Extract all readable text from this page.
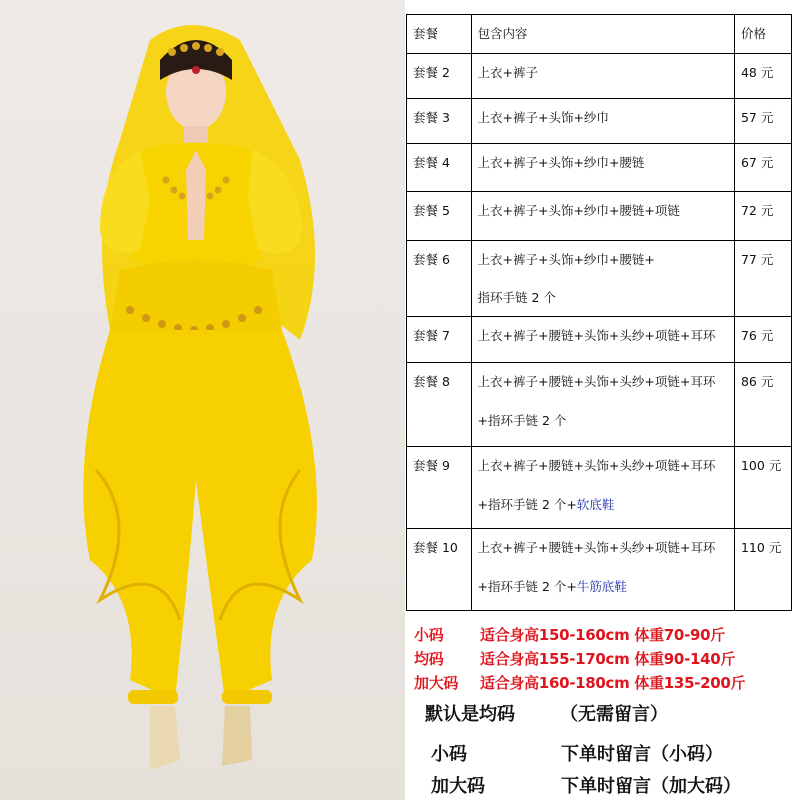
套餐	包含内容	价格
套餐 2	上衣+裤子	48 元
套餐 3	上衣+裤子+头饰+纱巾	57 元
套餐 4	上衣+裤子+头饰+纱巾+腰链	67 元
套餐 5	上衣+裤子+头饰+纱巾+腰链+项链	72 元
套餐 6	上衣+裤子+头饰+纱巾+腰链+
指环手链 2 个	77 元
套餐 7	上衣+裤子+腰链+头饰+头纱+项链+耳环	76 元
套餐 8	上衣+裤子+腰链+头饰+头纱+项链+耳环
+指环手链 2 个	86 元
套餐 9	上衣+裤子+腰链+头饰+头纱+项链+耳环
+指环手链 2 个+软底鞋	100 元
套餐 10	上衣+裤子+腰链+头饰+头纱+项链+耳环
+指环手链 2 个+牛筋底鞋	110 元
小码 适合身高150-160cm 体重70-90斤
均码 适合身高155-170cm 体重90-140斤
加大码 适合身高160-180cm 体重135-200斤
默认是均码	（无需留言）
小码	下单时留言（小码）
加大码	下单时留言（加大码）
